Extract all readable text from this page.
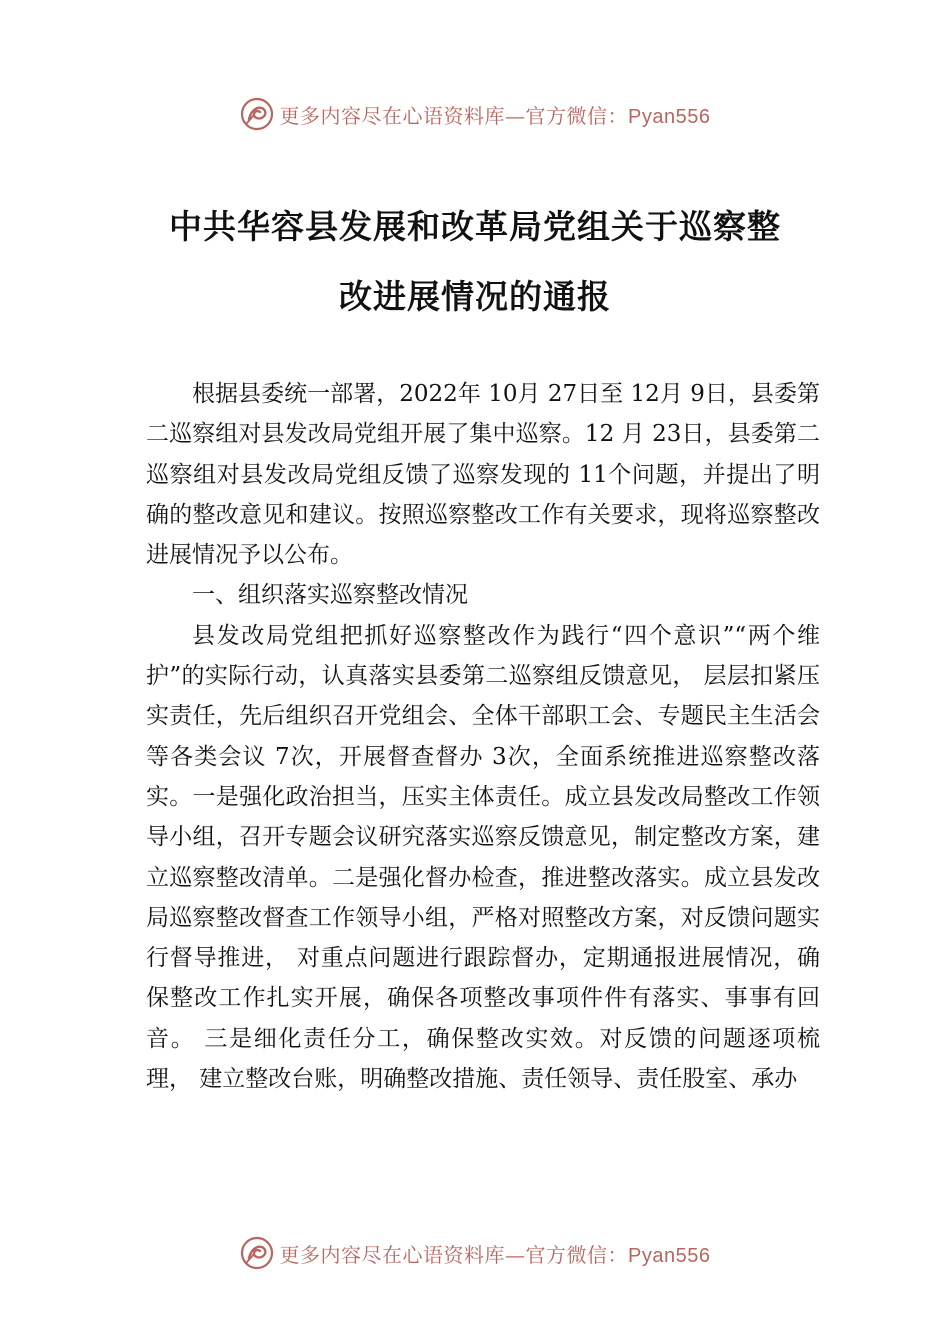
更多内容尽在心语资料库—官方微信：Pyan556
中共华容县发展和改革局党组关于巡察整
改进展情况的通报

根据县委统一部署，2022年 10月 27日至 12月 9日，县委第二巡察组对县发改局党组开展了集中巡察。12 月 23日，县委第二巡察组对县发改局党组反馈了巡察发现的 11个问题，并提出了明确的整改意见和建议。按照巡察整改工作有关要求，现将巡察整改进展情况予以公布。

一、组织落实巡察整改情况

县发改局党组把抓好巡察整改作为践行“四个意识”“两个维护”的实际行动，认真落实县委第二巡察组反馈意见， 层层扣紧压实责任，先后组织召开党组会、全体干部职工会、专题民主生活会等各类会议 7次，开展督查督办 3次，全面系统推进巡察整改落实。一是强化政治担当，压实主体责任。成立县发改局整改工作领导小组，召开专题会议研究落实巡察反馈意见，制定整改方案，建立巡察整改清单。二是强化督办检查，推进整改落实。成立县发改局巡察整改督查工作领导小组，严格对照整改方案，对反馈问题实行督导推进， 对重点问题进行跟踪督办，定期通报进展情况，确保整改工作扎实开展，确保各项整改事项件件有落实、事事有回音。 三是细化责任分工，确保整改实效。对反馈的问题逐项梳理， 建立整改台账，明确整改措施、责任领导、责任股室、承办

更多内容尽在心语资料库—官方微信：Pyan556
